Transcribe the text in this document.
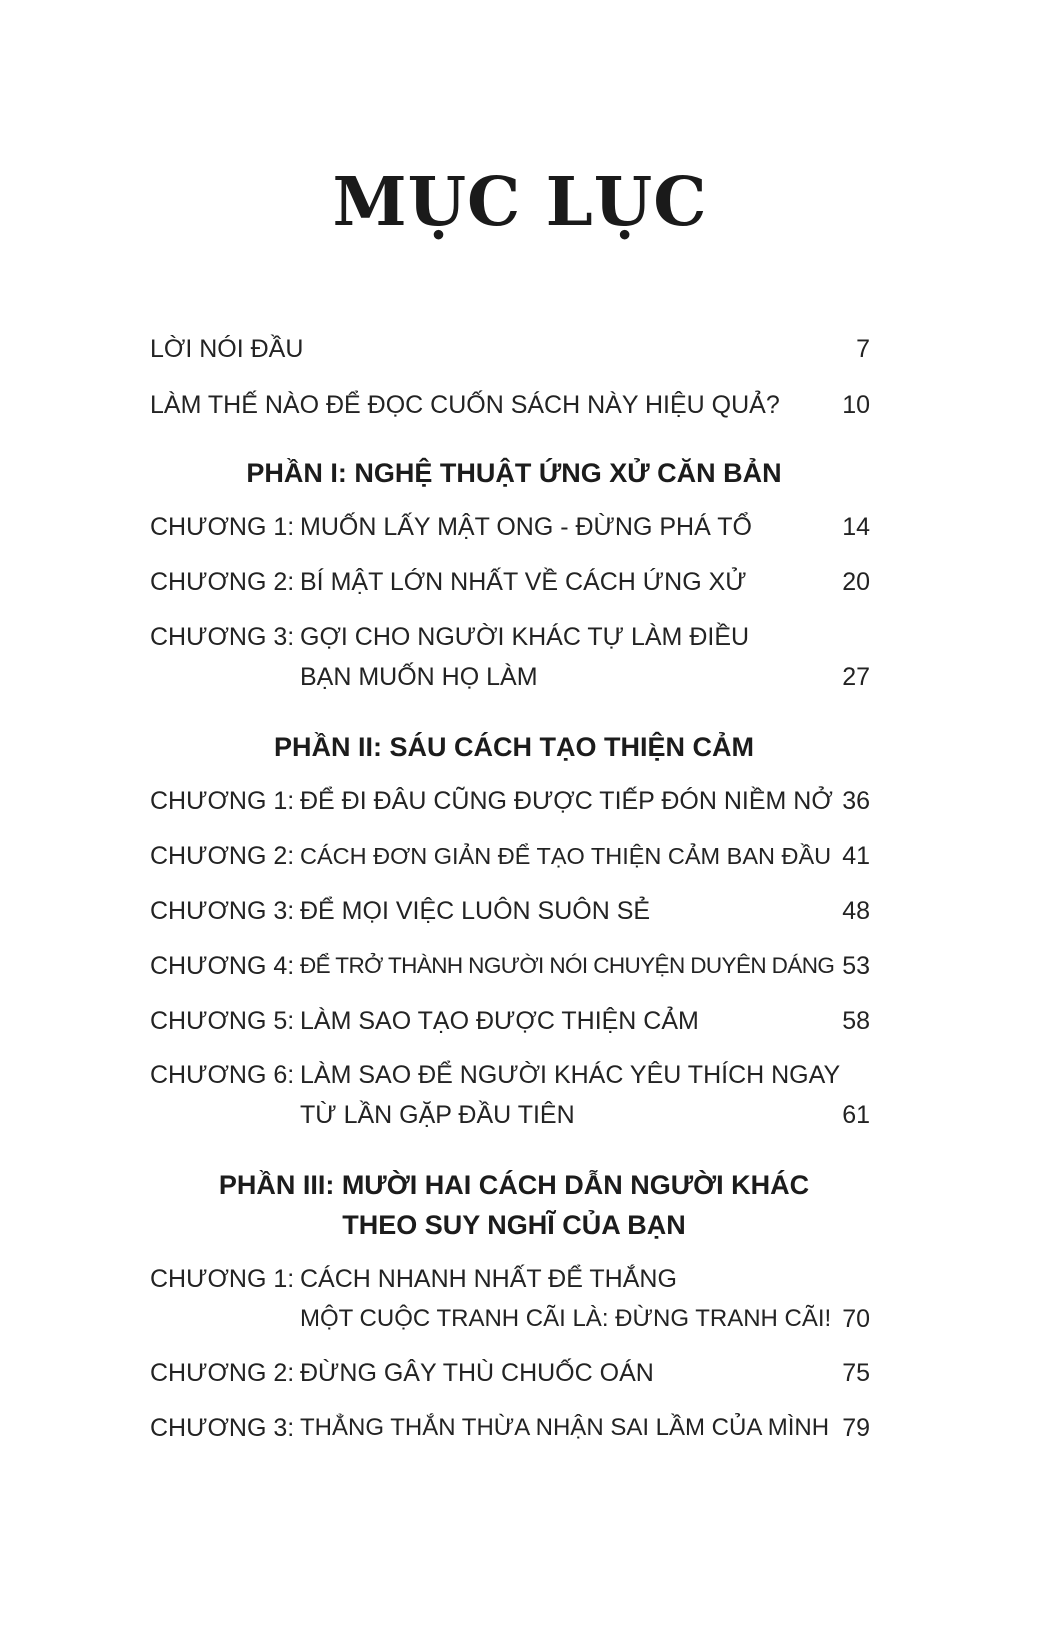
MỤC LỤC
LỜI NÓI ĐẦU	7
LÀM THẾ NÀO ĐỂ ĐỌC CUỐN SÁCH NÀY HIỆU QUẢ? 10
PHẦN I: NGHỆ THUẬT ỨNG XỬ CĂN BẢN
CHƯƠNG 1: MUỐN LẤY MẬT ONG - ĐỪNG PHÁ TỔ	14
CHƯƠNG 2: BÍ MẬT LỚN NHẤT VỀ CÁCH ỨNG XỬ	20
CHƯƠNG 3: GỢI CHO NGƯỜI KHÁC TỰ LÀM ĐIỀU
BẠN MUỐN HỌ LÀM	27
PHẦN II: SÁU CÁCH TẠO THIỆN CẢM
CHƯƠNG 1: ĐỂ ĐI ĐÂU CŨNG ĐƯỢC TIẾP ĐÓN NIỀM NỞ 36
CHƯƠNG 2: CÁCH ĐƠN GIẢN ĐỂ TẠO THIỆN CẢM BAN ĐẦU 41
CHƯƠNG 3: ĐỂ MỌI VIỆC LUÔN SUÔN SẺ	48
CHƯƠNG 4: ĐỂ TRỞ THÀNH NGƯỜI NÓI CHUYỆN DUYÊN DÁNG 53
CHƯƠNG 5: LÀM SAO TẠO ĐƯỢC THIỆN CẢM	58
CHƯƠNG 6: LÀM SAO ĐỂ NGƯỜI KHÁC YÊU THÍCH NGAY
TỪ LẦN GẶP ĐẦU TIÊN	61
PHẦN III: MƯỜI HAI CÁCH DẪN NGƯỜI KHÁC
THEO SUY NGHĨ CỦA BẠN
CHƯƠNG 1: CÁCH NHANH NHẤT ĐỂ THẮNG
MỘT CUỘC TRANH CÃI LÀ: ĐỪNG TRANH CÃI! 70
CHƯƠNG 2: ĐỪNG GÂY THÙ CHUỐC OÁN	75
CHƯƠNG 3: THẲNG THẮN THỪA NHẬN SAI LẦM CỦA MÌNH 79
